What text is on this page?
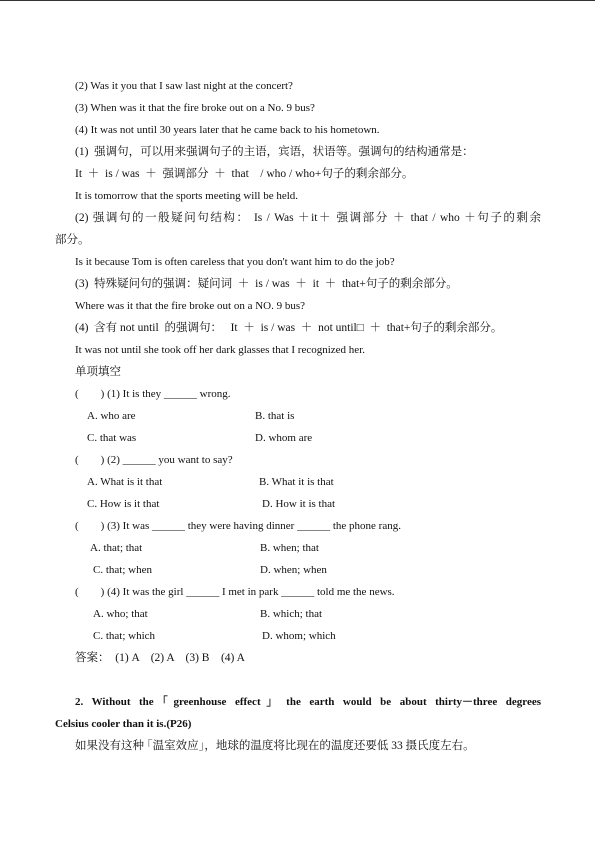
(2) Was it you that I saw last night at the concert?

(3) When was it that the fire broke out on a No. 9 bus?

(4) It was not until 30 years later that he came back to his hometown.

(1)  强调句，可以用来强调句子的主语，宾语，状语等。强调句的结构通常是：

It  ＋  is / was  ＋  强调部分  ＋  that    / who / who+句子的剩余部分。

It is tomorrow that the sports meeting will be held.

(2) 强调句的一般疑问句结构： Is / Was ＋it＋ 强调部分 ＋ that / who ＋句子的剩余

部分。

Is it because Tom is often careless that you don't want him to do the job?

(3)  特殊疑问句的强调：疑问词  ＋  is / was  ＋  it  ＋  that+句子的剩余部分。

Where was it that the fire broke out on a NO. 9 bus?

(4)  含有 not until  的强调句：   It  ＋  is / was  ＋  not until□  ＋  that+句子的剩余部分。

It was not until she took off her dark glasses that I recognized her.

单项填空

(        ) (1) It is they ______ wrong.

A. who are	B. that is

C. that was	D. whom are

(        ) (2) ______ you want to say?

A. What is it that	B. What it is that

C. How is it that	D. How it is that

(        ) (3) It was ______ they were having dinner ______ the phone rang.

A. that; that	B. when; that

C. that; when	D. when; when

(        ) (4) It was the girl ______ I met in park ______ told me the news.

A. who; that	B. which; that

C. that; which	D. whom; which

答案：  (1) A    (2) A    (3) B    (4) A

2. Without the ｢greenhouse effect｣ the earth would be about thirty－three degrees

Celsius cooler than it is.(P26)

如果没有这种 ｢温室效应｣，地球的温度将比现在的温度还要低 33 摄氏度左右。
